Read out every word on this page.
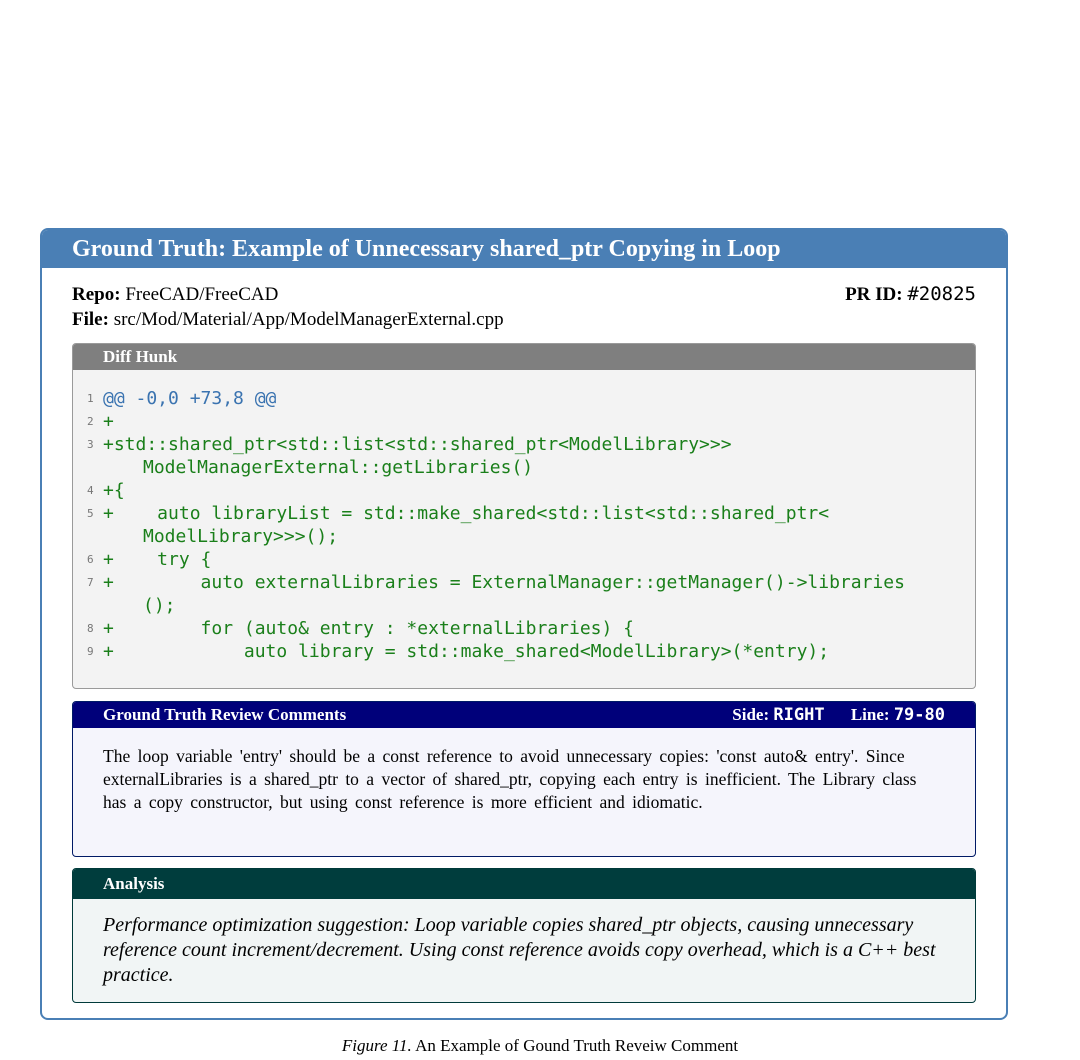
Ground Truth: Example of Unnecessary shared_ptr Copying in Loop
Repo: FreeCAD/FreeCAD	PR ID: #20825
File: src/Mod/Material/App/ModelManagerExternal.cpp
Diff Hunk
1 @@ -0,0 +73,8 @@
2 +
3 +std::shared_ptr<std::list<std::shared_ptr<ModelLibrary>>>
ModelManagerExternal::getLibraries()
4 +{
5 +    auto libraryList = std::make_shared<std::list<std::shared_ptr<
ModelLibrary>>>();
6 +    try {
7 +        auto externalLibraries = ExternalManager::getManager()->libraries
();
8 +        for (auto& entry : *externalLibraries) {
9 +            auto library = std::make_shared<ModelLibrary>(*entry);
Ground Truth Review Comments	Side: RIGHT Line: 79-80
The loop variable 'entry' should be a const reference to avoid unnecessary copies: 'const auto& entry'. Since externalLibraries is a shared_ptr to a vector of shared_ptr, copying each entry is inefficient. The Library class has a copy constructor, but using const reference is more efficient and idiomatic.
Analysis
Performance optimization suggestion: Loop variable copies shared_ptr objects, causing unnecessary reference count increment/decrement. Using const reference avoids copy overhead, which is a C++ best practice.
Figure 11. An Example of Gound Truth Reveiw Comment
